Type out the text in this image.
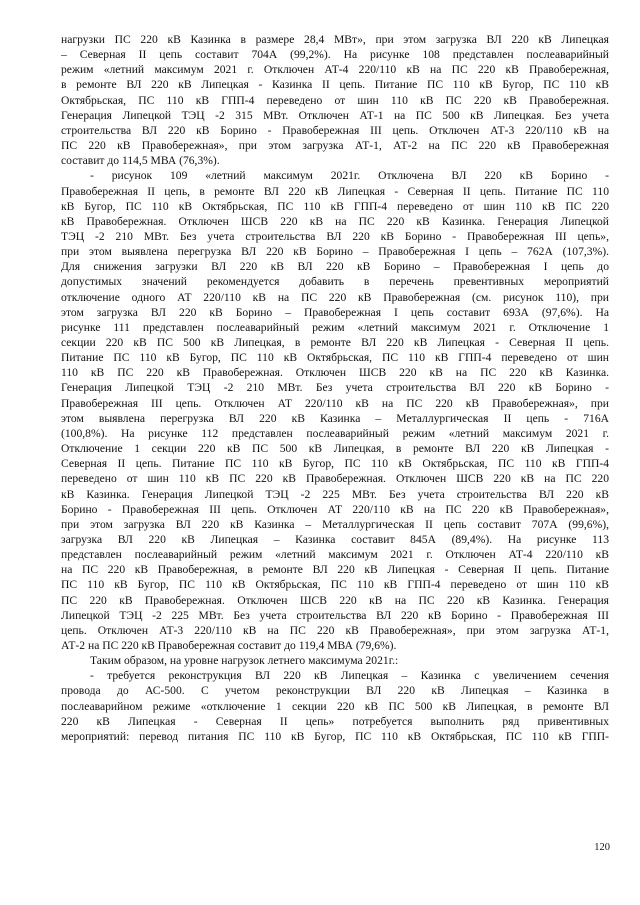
нагрузки ПС 220 кВ Казинка в размере 28,4 МВт», при этом загрузка ВЛ 220 кВ Липецкая
– Северная II цепь составит 704А (99,2%). На рисунке 108 представлен послеаварийный
режим «летний максимум 2021 г. Отключен АТ-4 220/110 кВ на ПС 220 кВ Правобережная,
в ремонте ВЛ 220 кВ Липецкая - Казинка II цепь. Питание ПС 110 кВ Бугор, ПС 110 кВ
Октябрьская, ПС 110 кВ ГПП-4 переведено от шин 110 кВ ПС 220 кВ Правобережная.
Генерация Липецкой ТЭЦ -2 315 МВт. Отключен АТ-1 на ПС 500 кВ Липецкая. Без учета
строительства ВЛ 220 кВ Борино - Правобережная III цепь. Отключен АТ-3 220/110 кВ на
ПС 220 кВ Правобережная», при этом загрузка АТ-1, АТ-2 на ПС 220 кВ Правобережная
составит до 114,5 МВА (76,3%).
- рисунок 109 «летний максимум 2021г. Отключена ВЛ 220 кВ Борино -
Правобережная II цепь, в ремонте ВЛ 220 кВ Липецкая - Северная II цепь. Питание ПС 110
кВ Бугор, ПС 110 кВ Октябрьская, ПС 110 кВ ГПП-4 переведено от шин 110 кВ ПС 220
кВ Правобережная. Отключен ШСВ 220 кВ на ПС 220 кВ Казинка. Генерация Липецкой
ТЭЦ -2 210 МВт. Без учета строительства ВЛ 220 кВ Борино - Правобережная III цепь»,
при этом выявлена перегрузка ВЛ 220 кВ Борино – Правобережная I цепь – 762А (107,3%).
Для снижения загрузки ВЛ 220 кВ ВЛ 220 кВ Борино – Правобережная I цепь до
допустимых значений рекомендуется добавить в перечень превентивных мероприятий
отключение одного АТ 220/110 кВ на ПС 220 кВ Правобережная (см. рисунок 110), при
этом загрузка ВЛ 220 кВ Борино – Правобережная I цепь составит 693А (97,6%). На
рисунке 111 представлен послеаварийный режим «летний максимум 2021 г. Отключение 1
секции 220 кВ ПС 500 кВ Липецкая, в ремонте ВЛ 220 кВ Липецкая - Северная II цепь.
Питание ПС 110 кВ Бугор, ПС 110 кВ Октябрьская, ПС 110 кВ ГПП-4 переведено от шин
110 кВ ПС 220 кВ Правобережная. Отключен ШСВ 220 кВ на ПС 220 кВ Казинка.
Генерация Липецкой ТЭЦ -2 210 МВт. Без учета строительства ВЛ 220 кВ Борино -
Правобережная III цепь. Отключен АТ 220/110 кВ на ПС 220 кВ Правобережная», при
этом выявлена перегрузка ВЛ 220 кВ Казинка – Металлургическая II цепь - 716А
(100,8%). На рисунке 112 представлен послеаварийный режим «летний максимум 2021 г.
Отключение 1 секции 220 кВ ПС 500 кВ Липецкая, в ремонте ВЛ 220 кВ Липецкая -
Северная II цепь. Питание ПС 110 кВ Бугор, ПС 110 кВ Октябрьская, ПС 110 кВ ГПП-4
переведено от шин 110 кВ ПС 220 кВ Правобережная. Отключен ШСВ 220 кВ на ПС 220
кВ Казинка. Генерация Липецкой ТЭЦ -2 225 МВт. Без учета строительства ВЛ 220 кВ
Борино - Правобережная III цепь. Отключен АТ 220/110 кВ на ПС 220 кВ Правобережная»,
при этом загрузка ВЛ 220 кВ Казинка – Металлургическая II цепь составит 707А (99,6%),
загрузка ВЛ 220 кВ Липецкая – Казинка составит 845А (89,4%). На рисунке 113
представлен послеаварийный режим «летний максимум 2021 г. Отключен АТ-4 220/110 кВ
на ПС 220 кВ Правобережная, в ремонте ВЛ 220 кВ Липецкая - Северная II цепь. Питание
ПС 110 кВ Бугор, ПС 110 кВ Октябрьская, ПС 110 кВ ГПП-4 переведено от шин 110 кВ
ПС 220 кВ Правобережная. Отключен ШСВ 220 кВ на ПС 220 кВ Казинка. Генерация
Липецкой ТЭЦ -2 225 МВт. Без учета строительства ВЛ 220 кВ Борино - Правобережная III
цепь. Отключен АТ-3 220/110 кВ на ПС 220 кВ Правобережная», при этом загрузка АТ-1,
АТ-2 на ПС 220 кВ Правобережная составит до 119,4 МВА (79,6%).
Таким образом, на уровне нагрузок летнего максимума 2021г.:
- требуется реконструкция ВЛ 220 кВ Липецкая – Казинка с увеличением сечения
провода до АС-500. С учетом реконструкции ВЛ 220 кВ Липецкая – Казинка в
послеаварийном режиме «отключение 1 секции 220 кВ ПС 500 кВ Липецкая, в ремонте ВЛ
220 кВ Липецкая - Северная II цепь» потребуется выполнить ряд привентивных
мероприятий: перевод питания ПС 110 кВ Бугор, ПС 110 кВ Октябрьская, ПС 110 кВ ГПП-
120
